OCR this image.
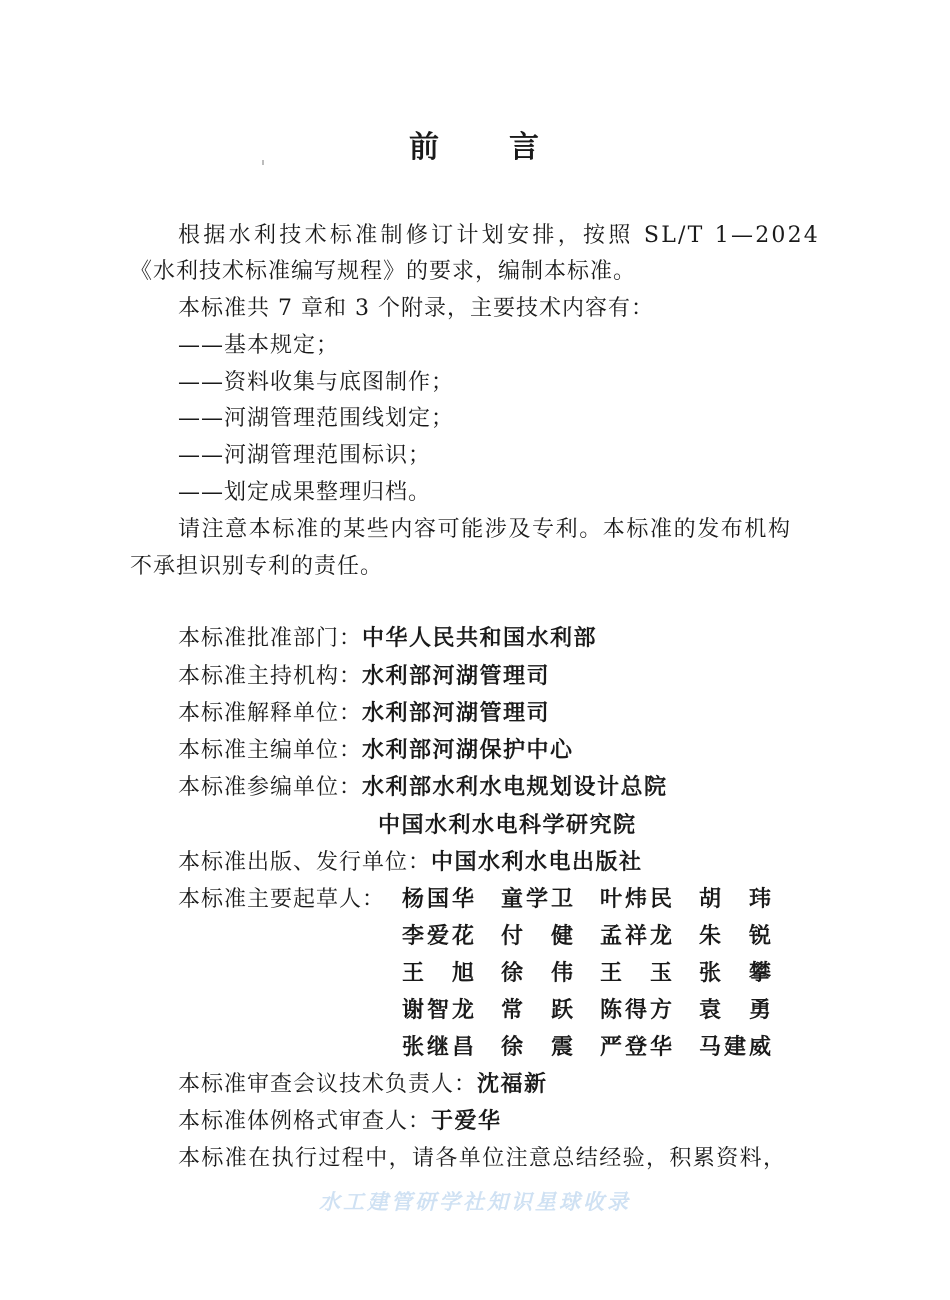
前 言
根据水利技术标准制修订计划安排，按照 SL/T 1—2024
《水利技术标准编写规程》的要求，编制本标准。
本标准共 7 章和 3 个附录，主要技术内容有：
——基本规定；
——资料收集与底图制作；
——河湖管理范围线划定；
——河湖管理范围标识；
——划定成果整理归档。
请注意本标准的某些内容可能涉及专利。本标准的发布机构
不承担识别专利的责任。
本标准批准部门：中华人民共和国水利部
本标准主持机构：水利部河湖管理司
本标准解释单位：水利部河湖管理司
本标准主编单位：水利部河湖保护中心
本标准参编单位：水利部水利水电规划设计总院
中国水利水电科学研究院
本标准出版、发行单位：中国水利水电出版社
本标准主要起草人： 杨国华 童学卫 叶炜民 胡 玮
李爱花 付 健 孟祥龙 朱 锐
王 旭 徐 伟 王 玉 张 攀
谢智龙 常 跃 陈得方 袁 勇
张继昌 徐 震 严登华 马建威
本标准审查会议技术负责人：沈福新
本标准体例格式审查人：于爱华
本标准在执行过程中，请各单位注意总结经验，积累资料，
水工建管研学社知识星球收录
